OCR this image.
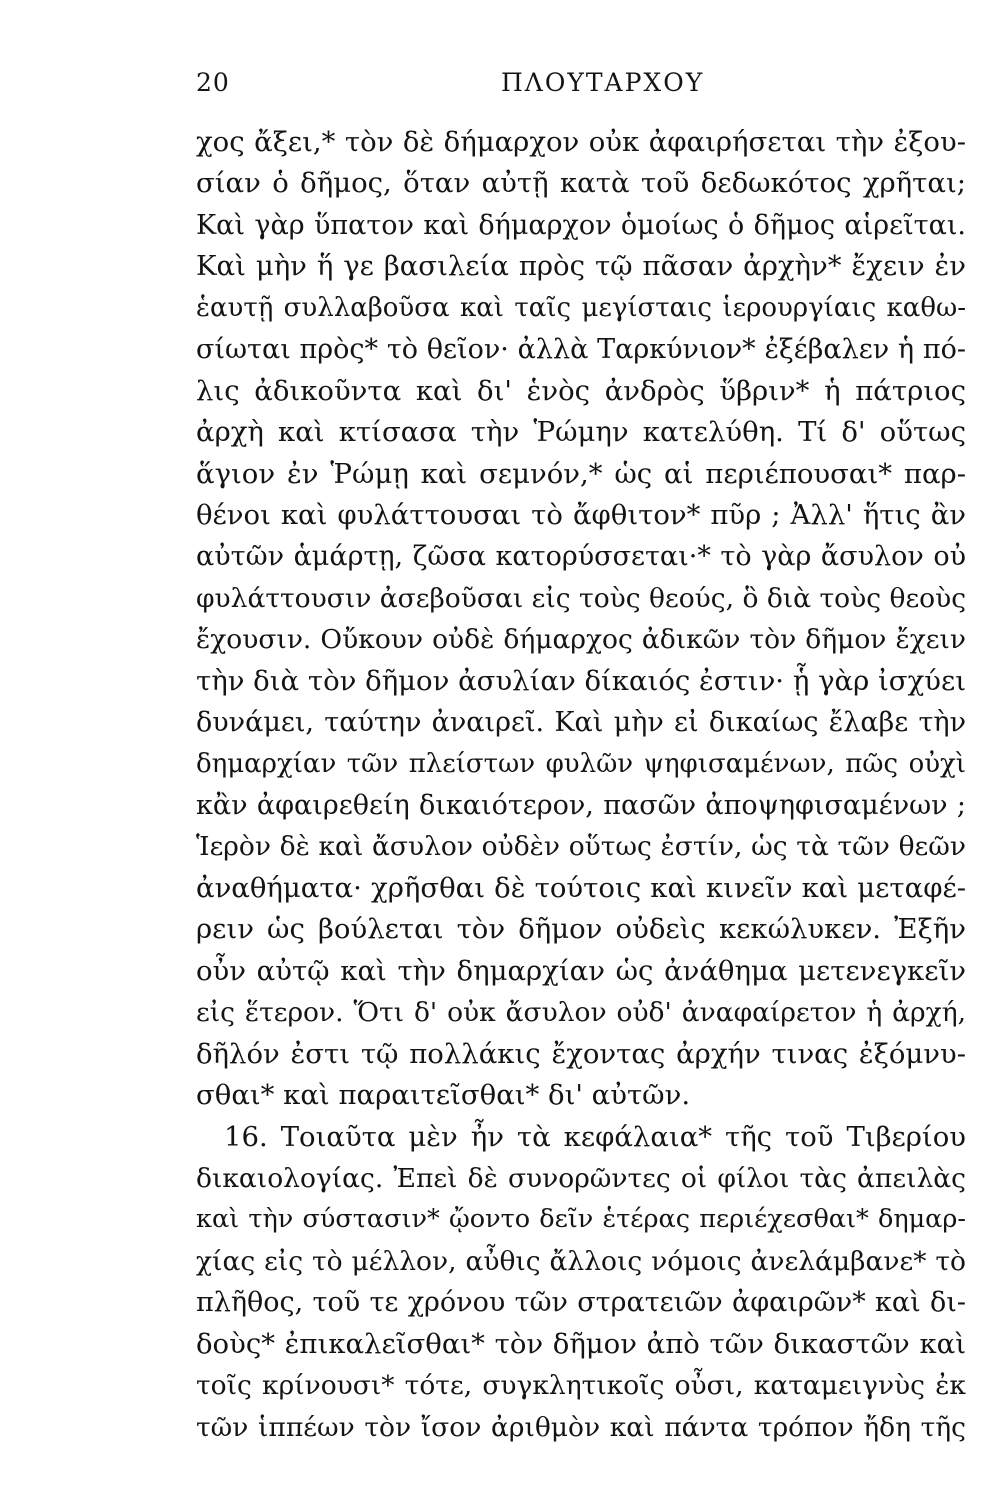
20	ΠΛΟΥΤΑΡΧΟΥ
χος ἄξει,* τὸν δὲ δήμαρχον οὐκ ἀφαιρήσεται τὴν ἐξου-
σίαν ὁ δῆμος, ὅταν αὐτῇ κατὰ τοῦ δεδωκότος χρῆται;
Καὶ γὰρ ὕπατον καὶ δήμαρχον ὁμοίως ὁ δῆμος αἱρεῖται.
Καὶ μὴν ἥ γε βασιλεία πρὸς τῷ πᾶσαν ἀρχὴν* ἔχειν ἐν
ἑαυτῇ συλλαβοῦσα καὶ ταῖς μεγίσταις ἱερουργίαις καθω-
σίωται πρὸς* τὸ θεῖον· ἀλλὰ Ταρκύνιον* ἐξέβαλεν ἡ πό-
λις ἀδικοῦντα καὶ δι' ἑνὸς ἀνδρὸς ὕβριν* ἡ πάτριος
ἀρχὴ καὶ κτίσασα τὴν Ῥώμην κατελύθη. Τί δ' οὕτως
ἅγιον ἐν Ῥώμῃ καὶ σεμνόν,* ὡς αἱ περιέπουσαι* παρ-
θένοι καὶ φυλάττουσαι τὸ ἄφθιτον* πῦρ ; Ἀλλ' ἥτις ἂν
αὐτῶν ἁμάρτῃ, ζῶσα κατορύσσεται·* τὸ γὰρ ἄσυλον οὐ
φυλάττουσιν ἀσεβοῦσαι εἰς τοὺς θεούς, ὃ διὰ τοὺς θεοὺς
ἔχουσιν. Οὔκουν οὐδὲ δήμαρχος ἀδικῶν τὸν δῆμον ἔχειν
τὴν διὰ τὸν δῆμον ἀσυλίαν δίκαιός ἐστιν· ᾗ γὰρ ἰσχύει
δυνάμει, ταύτην ἀναιρεῖ. Καὶ μὴν εἰ δικαίως ἔλαβε τὴν
δημαρχίαν τῶν πλείστων φυλῶν ψηφισαμένων, πῶς οὐχὶ
κἂν ἀφαιρεθείη δικαιότερον, πασῶν ἀποψηφισαμένων ;
Ἱερὸν δὲ καὶ ἄσυλον οὐδὲν οὕτως ἐστίν, ὡς τὰ τῶν θεῶν
ἀναθήματα· χρῆσθαι δὲ τούτοις καὶ κινεῖν καὶ μεταφέ-
ρειν ὡς βούλεται τὸν δῆμον οὐδεὶς κεκώλυκεν. Ἐξῆν
οὖν αὐτῷ καὶ τὴν δημαρχίαν ὡς ἀνάθημα μετενεγκεῖν
εἰς ἕτερον. Ὅτι δ' οὐκ ἄσυλον οὐδ' ἀναφαίρετον ἡ ἀρχή,
δῆλόν ἐστι τῷ πολλάκις ἔχοντας ἀρχήν τινας ἐξόμνυ-
σθαι* καὶ παραιτεῖσθαι* δι' αὐτῶν.
16. Τοιαῦτα μὲν ἦν τὰ κεφάλαια* τῆς τοῦ Τιβερίου
δικαιολογίας. Ἐπεὶ δὲ συνορῶντες οἱ φίλοι τὰς ἀπειλὰς
καὶ τὴν σύστασιν* ᾤοντο δεῖν ἑτέρας περιέχεσθαι* δημαρ-
χίας εἰς τὸ μέλλον, αὖθις ἄλλοις νόμοις ἀνελάμβανε* τὸ
πλῆθος, τοῦ τε χρόνου τῶν στρατειῶν ἀφαιρῶν* καὶ δι-
δοὺς* ἐπικαλεῖσθαι* τὸν δῆμον ἀπὸ τῶν δικαστῶν καὶ
τοῖς κρίνουσι* τότε, συγκλητικοῖς οὖσι, καταμειγνὺς ἐκ
τῶν ἱππέων τὸν ἴσον ἀριθμὸν καὶ πάντα τρόπον ἤδη τῆς
